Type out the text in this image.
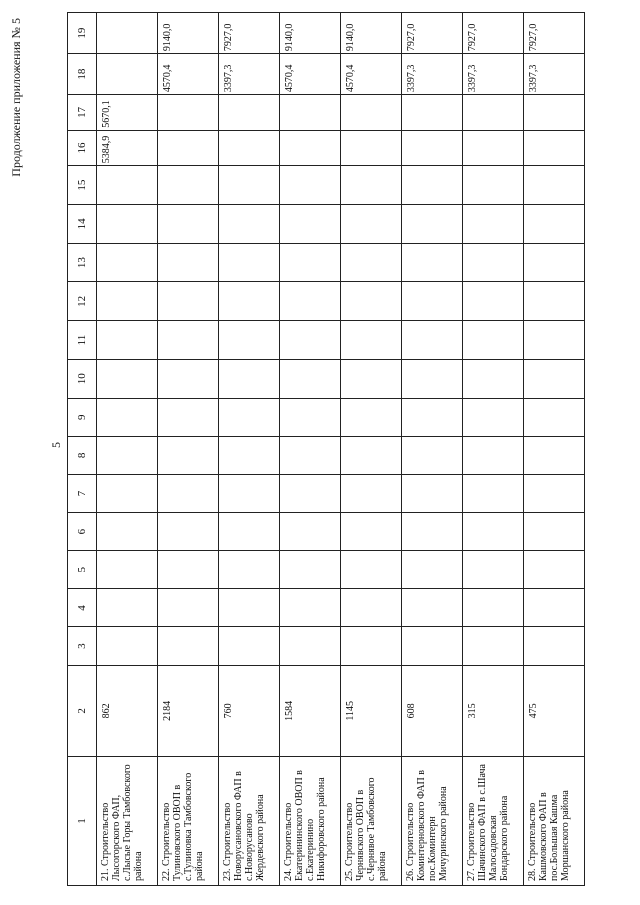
Продолжение приложения № 5
5
1	2	3	4	5	6	7	8	9	10	11	12	13	14	15	16	17	18	19
21. Строительство Лысогорского ФАП, с.Лысые Горы Тамбовского района	862														5384,9	5670,1		
22. Строительство Тулиновского ОВОП в с.Тулиновка Тамбовского района	2184																4570,4	9140,0
23. Строительство Новорусановского ФАП в с.Новорусаново Жердевского района	760																3397,3	7927,0
24. Строительство Екатерининского ОВОП в с.Екатеринино Никифоровского района	1584																4570,4	9140,0
25. Строительство Чернявского ОВОП в с.Чернявое Тамбовского района	1145																4570,4	9140,0
26. Строительство Коминтерновского ФАП в пос.Коминтерн Мичуринского района	608																3397,3	7927,0
27. Строительство Шачинского ФАП в с.Шача Малосадовская Бондарского района	315																3397,3	7927,0
28. Строительство Кашмовского ФАП в пос.Большая Кашма Моршанского района	475																3397,3	7927,0
